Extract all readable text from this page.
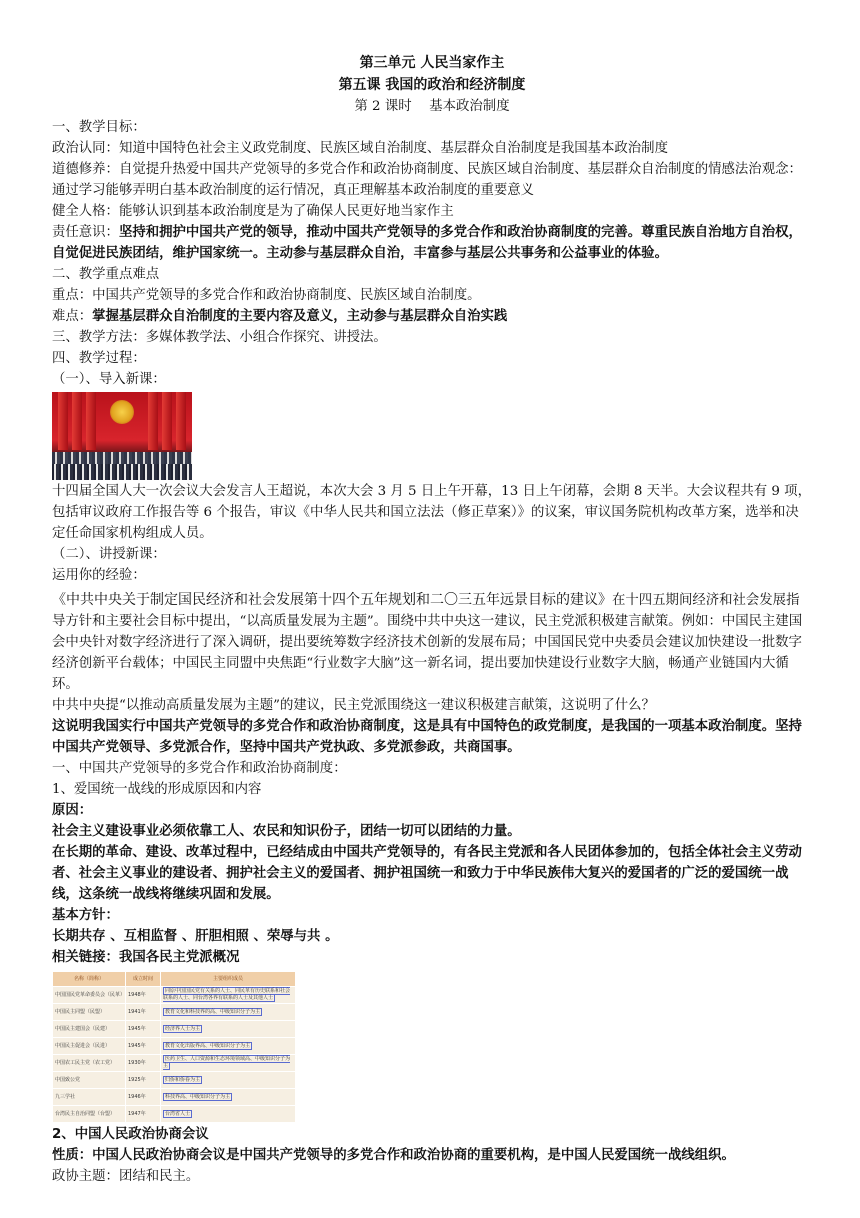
第三单元 人民当家作主

第五课 我国的政治和经济制度

第 2 课时　 基本政治制度

一、教学目标：

政治认同：知道中国特色社会主义政党制度、民族区域自治制度、基层群众自治制度是我国基本政治制度

道德修养：自觉提升热爱中国共产党领导的多党合作和政治协商制度、民族区域自治制度、基层群众自治制度的情感法治观念：通过学习能够弄明白基本政治制度的运行情况，真正理解基本政治制度的重要意义

健全人格：能够认识到基本政治制度是为了确保人民更好地当家作主

责任意识：坚持和拥护中国共产党的领导，推动中国共产党领导的多党合作和政治协商制度的完善。尊重民族自治地方自治权，自觉促进民族团结，维护国家统一。主动参与基层群众自治，丰富参与基层公共事务和公益事业的体验。

二、教学重点难点

重点：中国共产党领导的多党合作和政治协商制度、民族区域自治制度。

难点：掌握基层群众自治制度的主要内容及意义，主动参与基层群众自治实践

三、教学方法：多媒体教学法、小组合作探究、讲授法。

四、教学过程：

（一）、导入新课：

十四届全国人大一次会议大会发言人王超说，本次大会 3 月 5 日上午开幕，13 日上午闭幕，会期 8 天半。大会议程共有 9 项，包括审议政府工作报告等 6 个报告，审议《中华人民共和国立法法（修正草案）》的议案，审议国务院机构改革方案，选举和决定任命国家机构组成人员。

（二）、讲授新课：

运用你的经验：

《中共中央关于制定国民经济和社会发展第十四个五年规划和二〇三五年远景目标的建议》在十四五期间经济和社会发展指导方针和主要社会目标中提出，“以高质量发展为主题”。围绕中共中央这一建议，民主党派积极建言献策。例如：中国民主建国会中央针对数字经济进行了深入调研，提出要统筹数字经济技术创新的发展布局；中国国民党中央委员会建议加快建设一批数字经济创新平台载体；中国民主同盟中央焦距“行业数字大脑”这一新名词，提出要加快建设行业数字大脑，畅通产业链国内大循环。

中共中央提“以推动高质量发展为主题”的建议，民主党派围绕这一建议积极建言献策，这说明了什么？

这说明我国实行中国共产党领导的多党合作和政治协商制度，这是具有中国特色的政党制度，是我国的一项基本政治制度。坚持中国共产党领导、多党派合作，坚持中国共产党执政、多党派参政，共商国事。

一、中国共产党领导的多党合作和政治协商制度：

1、爱国统一战线的形成原因和内容

原因：

社会主义建设事业必须依靠工人、农民和知识份子，团结一切可以团结的力量。

在长期的革命、建设、改革过程中，已经结成由中国共产党领导的，有各民主党派和各人民团体参加的，包括全体社会主义劳动者、社会主义事业的建设者、拥护社会主义的爱国者、拥护祖国统一和致力于中华民族伟大复兴的爱国者的广泛的爱国统一战线，这条统一战线将继续巩固和发展。

基本方针：

长期共存 、互相监督 、肝胆相照 、荣辱与共 。

相关链接：我国各民主党派概况

名称（简称）	成立时间	主要组织成员
中国国民党革命委员会（民革）	1948年	同原中国国民党有关系的人士、同民革有历史联系和社会联系的人士、同台湾各界有联系的人士及其他人士
中国民主同盟（民盟）	1941年	教育文化和科技界的高、中级知识分子为主
中国民主建国会（民建）	1945年	经济界人士为主
中国民主促进会（民进）	1945年	教育文化出版界高、中级知识分子为主
中国农工民主党（农工党）	1930年	医药卫生、人口资源和生态环境领域高、中级知识分子为主
中国致公党	1925年	归侨和侨眷为主
九三学社	1946年	科技界高、中级知识分子为主
台湾民主自治同盟（台盟）	1947年	台湾省人士

2、中国人民政治协商会议

性质：中国人民政治协商会议是中国共产党领导的多党合作和政治协商的重要机构，是中国人民爱国统一战线组织。

政协主题：团结和民主。
